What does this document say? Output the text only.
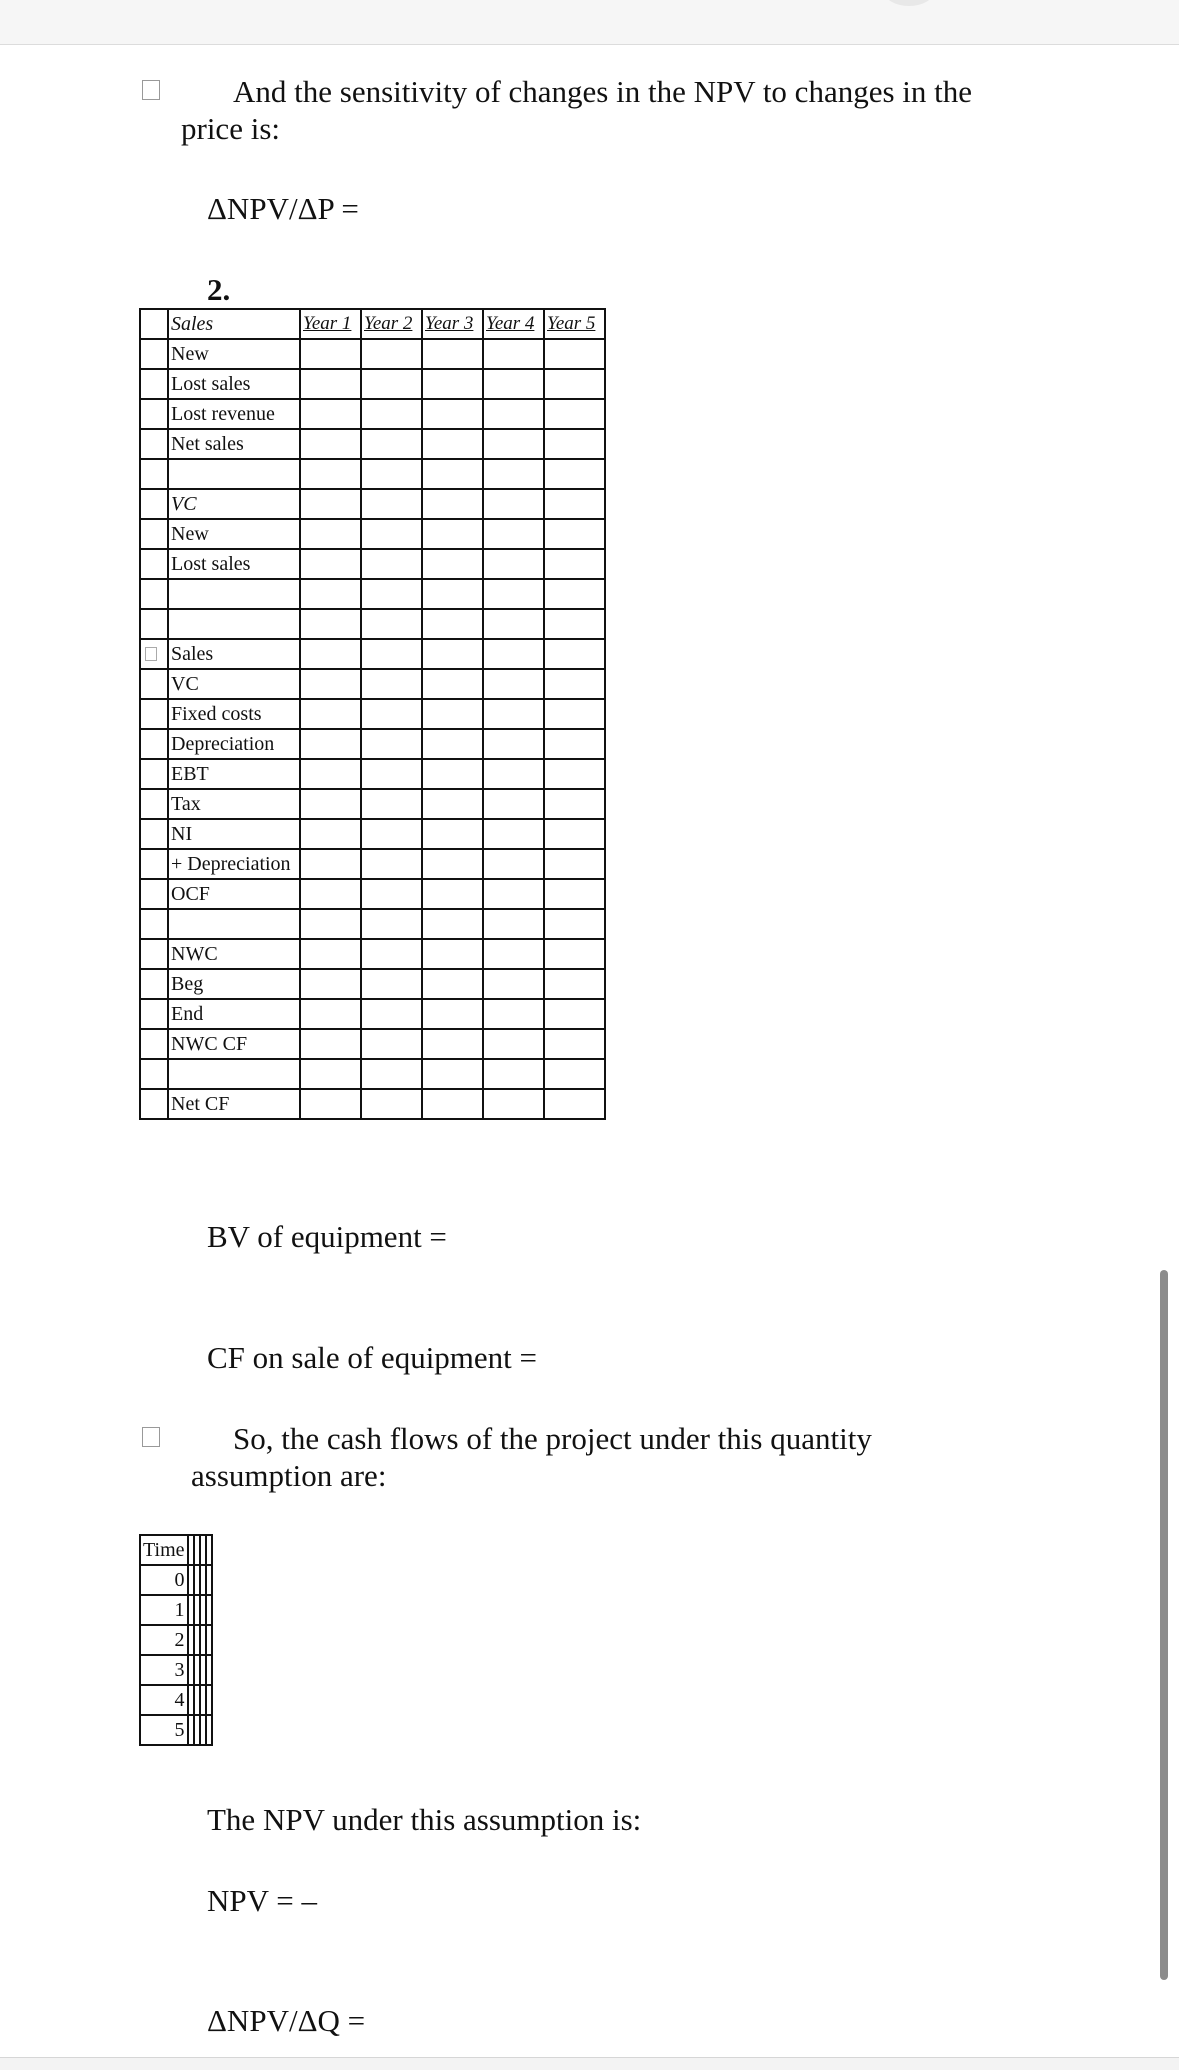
And the sensitivity of changes in the NPV to changes in the
price is:
ΔNPV/ΔP =
2.
	Sales	Year 1	Year 2	Year 3	Year 4	Year 5
	New					
	Lost sales					
	Lost revenue					
	Net sales					

	VC					
	New					
	Lost sales					

	Sales					
	VC					
	Fixed costs					
	Depreciation					
	EBT					
	Tax					
	NI					
	+ Depreciation					
	OCF					

	NWC					
	Beg					
	End					
	NWC CF					

	Net CF					
BV of equipment =
CF on sale of equipment =
So, the cash flows of the project under this quantity
assumption are:
Time				
0				
1				
2				
3				
4				
5				
The NPV under this assumption is:
NPV = –
ΔNPV/ΔQ =
